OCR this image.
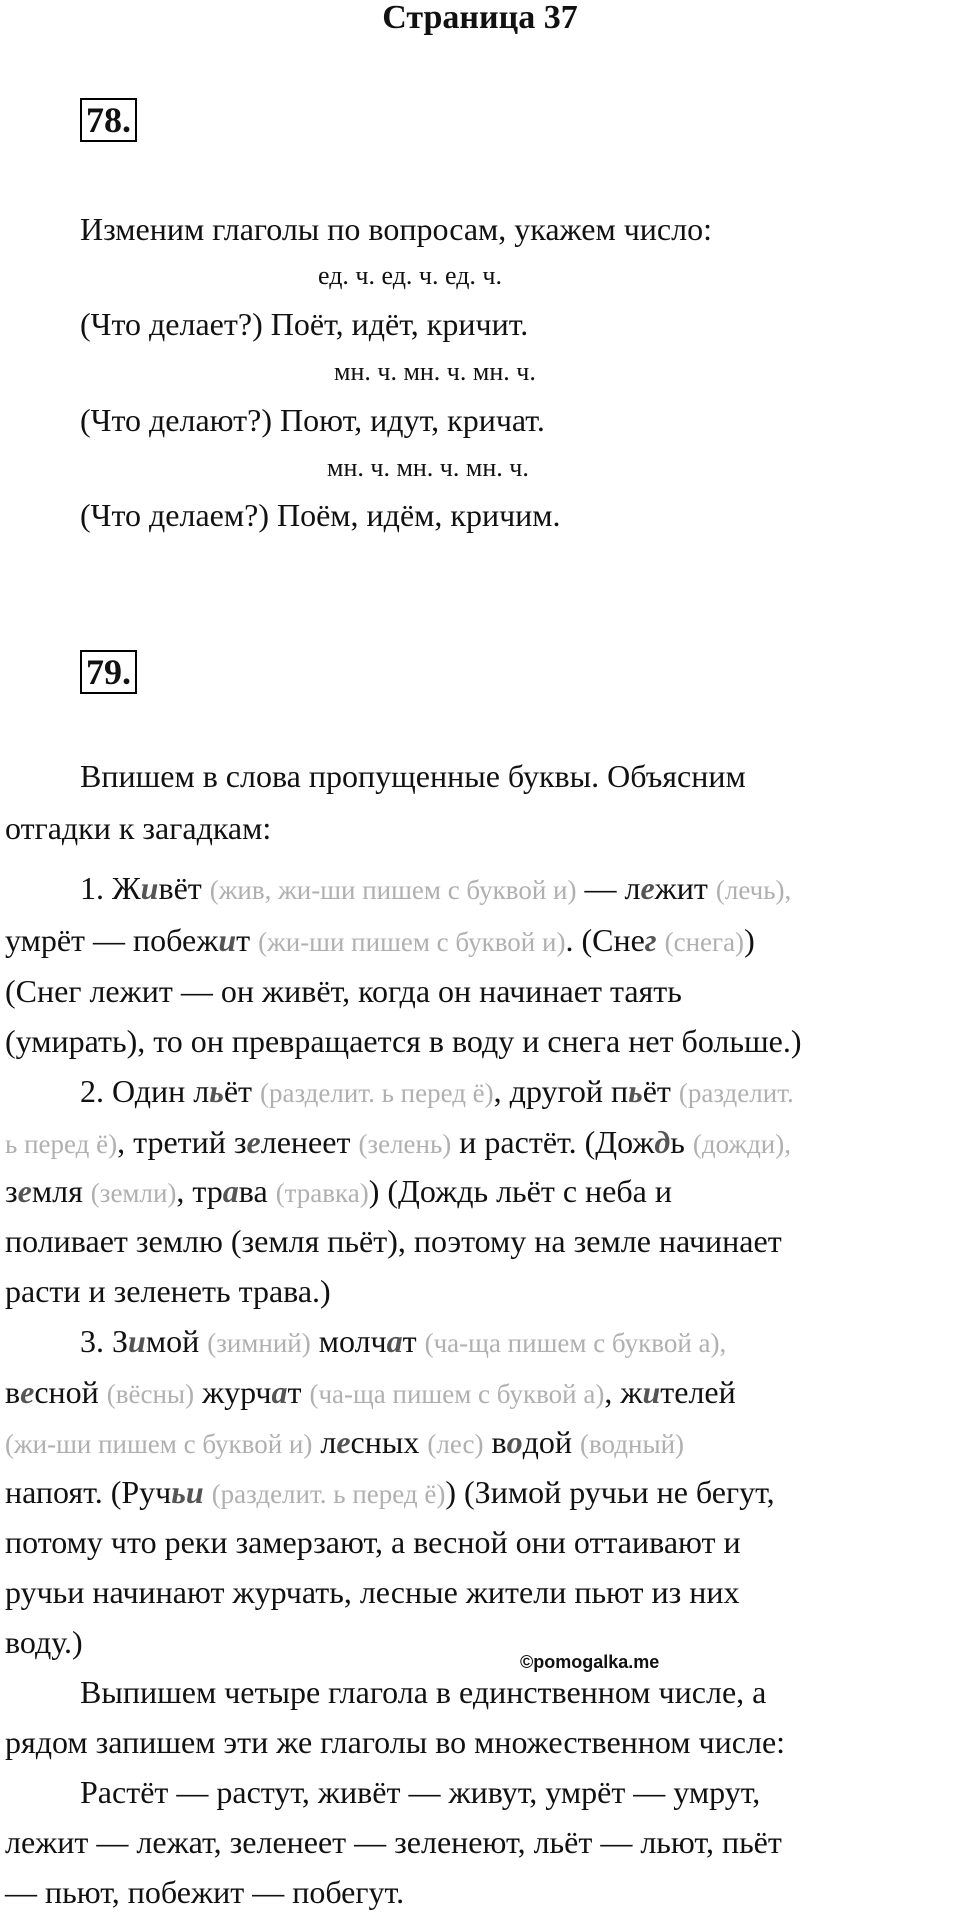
Страница 37
78.
Изменим глаголы по вопросам, укажем число:
ед. ч. ед. ч. ед. ч.
(Что делает?) Поёт, идёт, кричит.
мн. ч. мн. ч. мн. ч.
(Что делают?) Поют, идут, кричат.
мн. ч. мн. ч. мн. ч.
(Что делаем?) Поём, идём, кричим.
79.
Впишем в слова пропущенные буквы. Объясним
отгадки к загадкам:
1. Живёт (жив, жи-ши пишем с буквой и) — лежит (лечь),
умрёт — побежит (жи-ши пишем с буквой и). (Снег (снега))
(Снег лежит — он живёт, когда он начинает таять
(умирать), то он превращается в воду и снега нет больше.)
2. Один льёт (разделит. ь перед ё), другой пьёт (разделит.
ь перед ё), третий зеленеет (зелень) и растёт. (Дождь (дожди),
земля (земли), трава (травка)) (Дождь льёт с неба и
поливает землю (земля пьёт), поэтому на земле начинает
расти и зеленеть трава.)
3. Зимой (зимний) молчат (ча-ща пишем с буквой а),
весной (вёсны) журчат (ча-ща пишем с буквой а), жителей
(жи-ши пишем с буквой и) лесных (лес) водой (водный)
напоят. (Ручьи (разделит. ь перед ё)) (Зимой ручьи не бегут,
потому что реки замерзают, а весной они оттаивают и
ручьи начинают журчать, лесные жители пьют из них
воду.)
©pomogalka.me
Выпишем четыре глагола в единственном числе, а
рядом запишем эти же глаголы во множественном числе:
Растёт — растут, живёт — живут, умрёт — умрут,
лежит — лежат, зеленеет — зеленеют, льёт — льют, пьёт
— пьют, побежит — побегут.
